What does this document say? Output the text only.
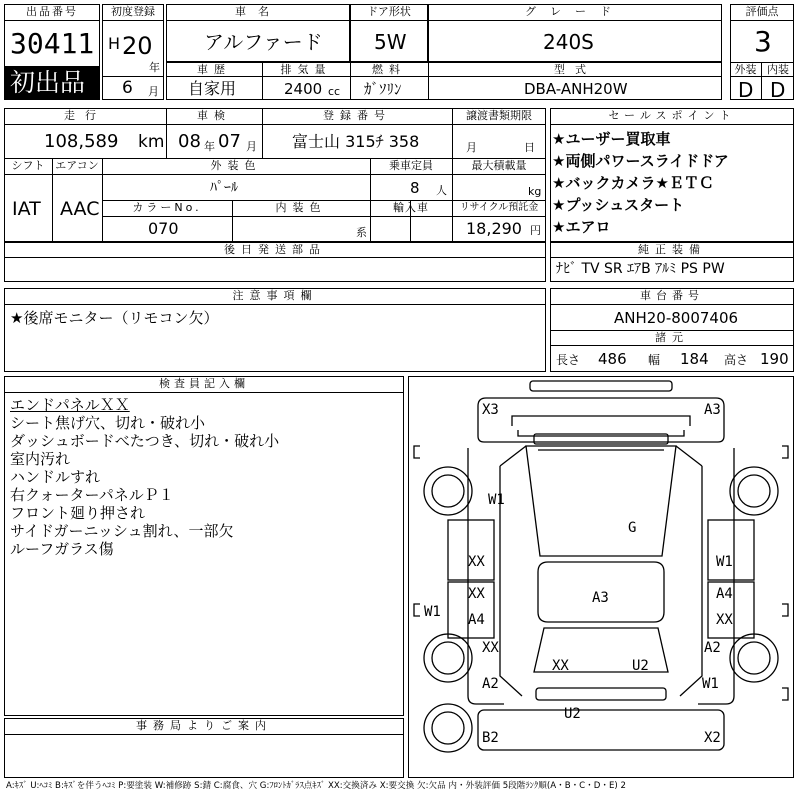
出品番号
30411
初出品
初度登録
H 20
年
6 月
車名
アルファード
ドア形状
5W
グレード
240S
評価点
3
外装 内装
D D
車歴	排気量	燃料	型式
自家用	2400 cc ｶﾞｿﾘﾝ	DBA-ANH20W
走行
108,589 km
車検
08 年 07 月
登録番号
富士山 315ﾁ 358
譲渡書類期限
月	日
シフト エアコン
IAT AAC
外装色
ﾊﾟｰﾙ
乗車定員
8 人
最大積載量
kg
カラーNo.
070
内装色
系
輸入車	リサイクル預託金
18,290 円
後日発送部品
セールスポイント
★ユーザー買取車
★両側パワースライドドア
★バックカメラ★ＥＴＣ
★プッシュスタート
★エアロ
純正装備
ﾅﾋﾞ TV SR ｴｱB ｱﾙﾐ PS PW
注意事項欄
★後席モニター（リモコン欠）
車台番号
ANH20-8007406
諸元
長さ 486 幅 184 高さ 190
検査員記入欄
エンドパネルＸＸ
シート焦げ穴、切れ・破れ小
ダッシュボードべたつき、切れ・破れ小
室内汚れ
ハンドルすれ
右クォーターパネルＰ１
フロント廻り押され
サイドガーニッシュ割れ、一部欠
ルーフガラス傷
事務局よりご案内
X3	A3
W1
G
XX	W1
XX	A4
A3
W1 A4	XX
XX	A2
XX	U2
A2	W1
U2
B2	X2
A:ｷｽﾞ U:ﾍｺﾐ B:ｷｽﾞを伴うﾍｺﾐ P:要塗装 W:補修跡 S:錆 C:腐食、穴 G:ﾌﾛﾝﾄｶﾞﾗｽ点ｷｽﾞ XX:交換済み X:要交換 欠:欠品 内・外装評価 5段階ﾗﾝｸ順(A・B・C・D・E) 2
